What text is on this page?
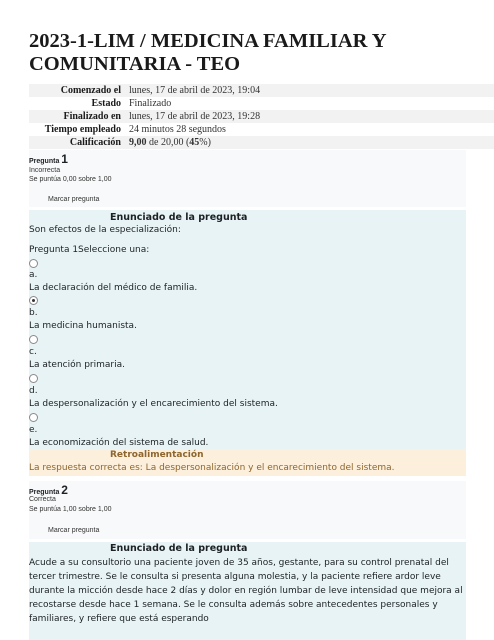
2023-1-LIM / MEDICINA FAMILIAR Y COMUNITARIA - TEO
Comenzado el lunes, 17 de abril de 2023, 19:04
Estado Finalizado
Finalizado en lunes, 17 de abril de 2023, 19:28
Tiempo empleado 24 minutos 28 segundos
Calificación 9,00 de 20,00 (45%)
Pregunta 1
Incorrecta
Se puntúa 0,00 sobre 1,00
Marcar pregunta
Enunciado de la pregunta
Son efectos de la especialización:
Pregunta 1Seleccione una:
a.
La declaración del médico de familia.
b.
La medicina humanista.
c.
La atención primaria.
d.
La despersonalización y el encarecimiento del sistema.
e.
La economización del sistema de salud.
Retroalimentación
La respuesta correcta es: La despersonalización y el encarecimiento del sistema.
Pregunta 2
Correcta
Se puntúa 1,00 sobre 1,00
Marcar pregunta
Enunciado de la pregunta
Acude a su consultorio una paciente joven de 35 años, gestante, para su control prenatal del tercer trimestre. Se le consulta si presenta alguna molestia, y la paciente refiere ardor leve durante la micción desde hace 2 días y dolor en región lumbar de leve intensidad que mejora al recostarse desde hace 1 semana. Se le consulta además sobre antecedentes personales y familiares, y refiere que está esperando
